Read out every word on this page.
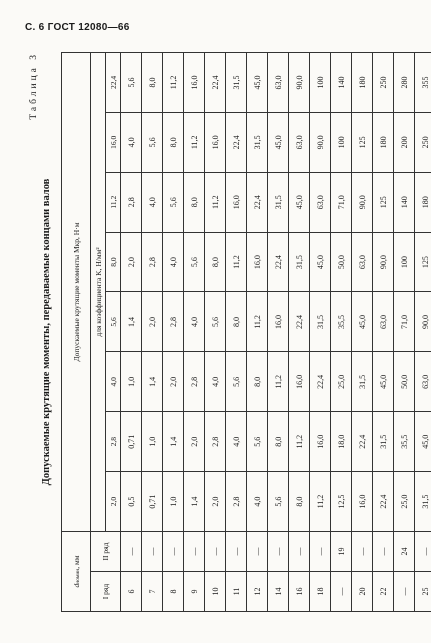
С. 6 ГОСТ 12080—66
Допускаемые крутящие моменты, передаваемые концами валов
Таблица 3
dномин, мм		Допускаемые крутящие моменты Мкр, Н·м							
I ряд	II ряд	для коэффициента K, Н/мм²							
		2,0	2,8	4,0	5,6	8,0	11,2	16,0	22,4
6	—	0,5	0,71	1,0	1,4	2,0	2,8	4,0	5,6
7	—	0,71	1,0	1,4	2,0	2,8	4,0	5,6	8,0
8	—	1,0	1,4	2,0	2,8	4,0	5,6	8,0	11,2
9	—	1,4	2,0	2,8	4,0	5,6	8,0	11,2	16,0
10	—	2,0	2,8	4,0	5,6	8,0	11,2	16,0	22,4
11	—	2,8	4,0	5,6	8,0	11,2	16,0	22,4	31,5
12	—	4,0	5,6	8,0	11,2	16,0	22,4	31,5	45,0
14	—	5,6	8,0	11,2	16,0	22,4	31,5	45,0	63,0
16	—	8,0	11,2	16,0	22,4	31,5	45,0	63,0	90,0
18	—	11,2	16,0	22,4	31,5	45,0	63,0	90,0	100
—	19	12,5	18,0	25,0	35,5	50,0	71,0	100	140
20	—	16,0	22,4	31,5	45,0	63,0	90,0	125	180
22	—	22,4	31,5	45,0	63,0	90,0	125	180	250
—	24	25,0	35,5	50,0	71,0	100	140	200	280
25	—	31,5	45,0	63,0	90,0	125	180	250	355
